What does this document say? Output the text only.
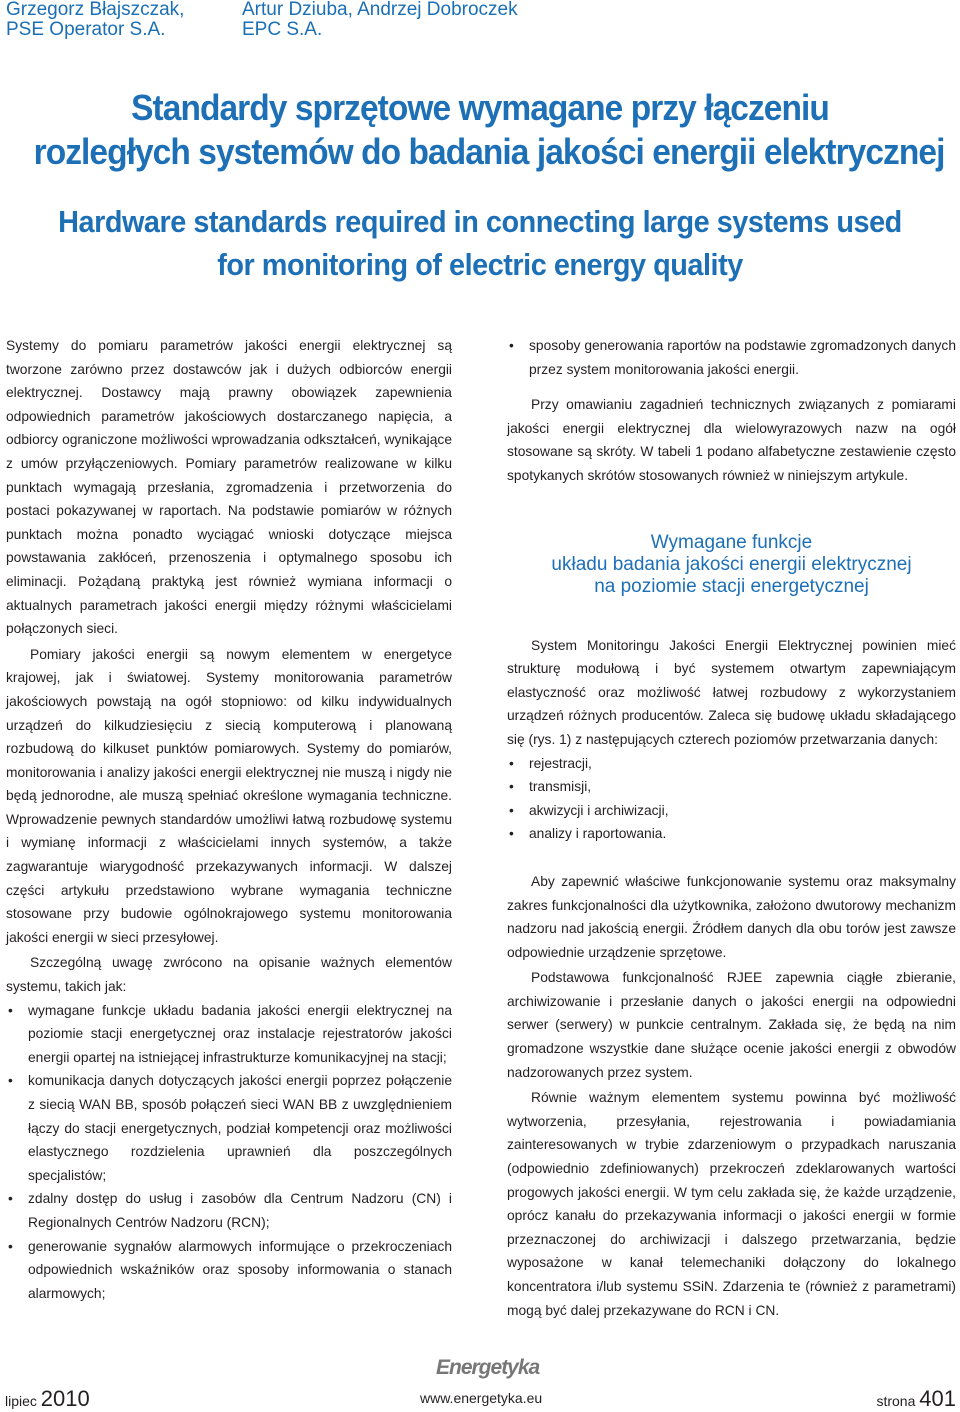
Grzegorz Błajszczak,
PSE Operator S.A.
Artur Dziuba, Andrzej Dobroczek
EPC S.A.
Standardy sprzętowe wymagane przy łączeniu
rozległych systemów do badania jakości energii elektrycznej
Hardware standards required in connecting large systems used
for monitoring of electric energy quality

Systemy do pomiaru parametrów jakości energii elektrycznej są tworzone zarówno przez dostawców jak i dużych odbiorców energii elektrycznej. Dostawcy mają prawny obowiązek zapewnienia odpowiednich parametrów jakościowych dostarczanego napięcia, a odbiorcy ograniczone możliwości wprowadzania odkształceń, wynikające z umów przyłączeniowych. Pomiary parametrów realizowane w kilku punktach wymagają przesłania, zgromadzenia i przetworzenia do postaci pokazywanej w raportach. Na podstawie pomiarów w różnych punktach można ponadto wyciągać wnioski dotyczące miejsca powstawania zakłóceń, przenoszenia i optymalnego sposobu ich eliminacji. Pożądaną praktyką jest również wymiana informacji o aktualnych parametrach jakości energii między różnymi właścicielami połączonych sieci.

Pomiary jakości energii są nowym elementem w energetyce krajowej, jak i światowej. Systemy monitorowania parametrów jakościowych powstają na ogół stopniowo: od kilku indywidualnych urządzeń do kilkudziesięciu z siecią komputerową i planowaną rozbudową do kilkuset punktów pomiarowych. Systemy do pomiarów, monitorowania i analizy jakości energii elektrycznej nie muszą i nigdy nie będą jednorodne, ale muszą spełniać określone wymagania techniczne. Wprowadzenie pewnych standardów umożliwi łatwą rozbudowę systemu i wymianę informacji z właścicielami innych systemów, a także zagwarantuje wiarygodność przekazywanych informacji. W dalszej części artykułu przedstawiono wybrane wymagania techniczne stosowane przy budowie ogólnokrajowego systemu monitorowania jakości energii w sieci przesyłowej.

Szczególną uwagę zwrócono na opisanie ważnych elementów systemu, takich jak:

• wymagane funkcje układu badania jakości energii elektrycznej na poziomie stacji energetycznej oraz instalacje rejestratorów jakości energii opartej na istniejącej infrastrukturze komunikacyjnej na stacji;
• komunikacja danych dotyczących jakości energii poprzez połączenie z siecią WAN BB, sposób połączeń sieci WAN BB z uwzględnieniem łączy do stacji energetycznych, podział kompetencji oraz możliwości elastycznego rozdzielenia uprawnień dla poszczególnych specjalistów;
• zdalny dostęp do usług i zasobów dla Centrum Nadzoru (CN) i Regionalnych Centrów Nadzoru (RCN);
• generowanie sygnałów alarmowych informujące o przekroczeniach odpowiednich wskaźników oraz sposoby informowania o stanach alarmowych;
• sposoby generowania raportów na podstawie zgromadzonych danych przez system monitorowania jakości energii.

Przy omawianiu zagadnień technicznych związanych z pomiarami jakości energii elektrycznej dla wielowyrazowych nazw na ogół stosowane są skróty. W tabeli 1 podano alfabetyczne zestawienie często spotykanych skrótów stosowanych również w niniejszym artykule.

Wymagane funkcje
układu badania jakości energii elektrycznej
na poziomie stacji energetycznej

System Monitoringu Jakości Energii Elektrycznej powinien mieć strukturę modułową i być systemem otwartym zapewniającym elastyczność oraz możliwość łatwej rozbudowy z wykorzystaniem urządzeń różnych producentów. Zaleca się budowę układu składającego się (rys. 1) z następujących czterech poziomów przetwarzania danych:

• rejestracji,
• transmisji,
• akwizycji i archiwizacji,
• analizy i raportowania.

Aby zapewnić właściwe funkcjonowanie systemu oraz maksymalny zakres funkcjonalności dla użytkownika, założono dwutorowy mechanizm nadzoru nad jakością energii. Źródłem danych dla obu torów jest zawsze odpowiednie urządzenie sprzętowe.

Podstawowa funkcjonalność RJEE zapewnia ciągłe zbieranie, archiwizowanie i przesłanie danych o jakości energii na odpowiedni serwer (serwery) w punkcie centralnym. Zakłada się, że będą na nim gromadzone wszystkie dane służące ocenie jakości energii z obwodów nadzorowanych przez system.

Równie ważnym elementem systemu powinna być możliwość wytworzenia, przesyłania, rejestrowania i powiadamiania zainteresowanych w trybie zdarzeniowym o przypadkach naruszania (odpowiednio zdefiniowanych) przekroczeń zdeklarowanych wartości progowych jakości energii. W tym celu zakłada się, że każde urządzenie, oprócz kanału do przekazywania informacji o jakości energii w formie przeznaczonej do archiwizacji i dalszego przetwarzania, będzie wyposażone w kanał telemechaniki dołączony do lokalnego koncentratora i/lub systemu SSiN. Zdarzenia te (również z parametrami) mogą być dalej przekazywane do RCN i CN.

lipiec 2010
Energetyka
www.energetyka.eu	strona 401
